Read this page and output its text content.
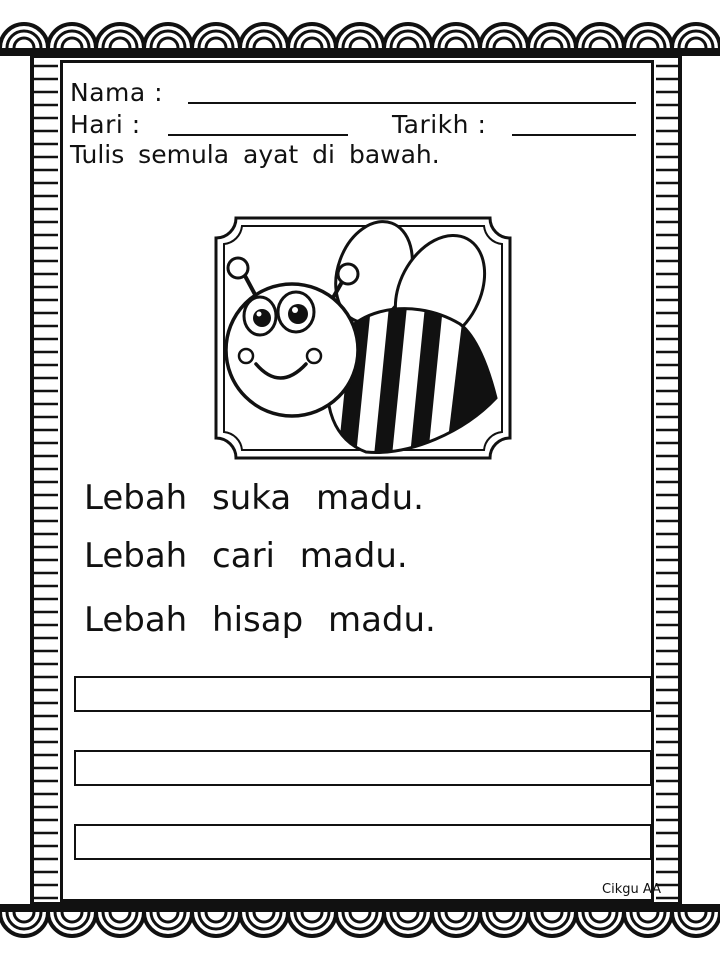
Nama :
Hari :	Tarikh :
Tulis semula ayat di bawah.
Lebah suka madu.
Lebah cari madu.
Lebah hisap madu.
Cikgu AA
